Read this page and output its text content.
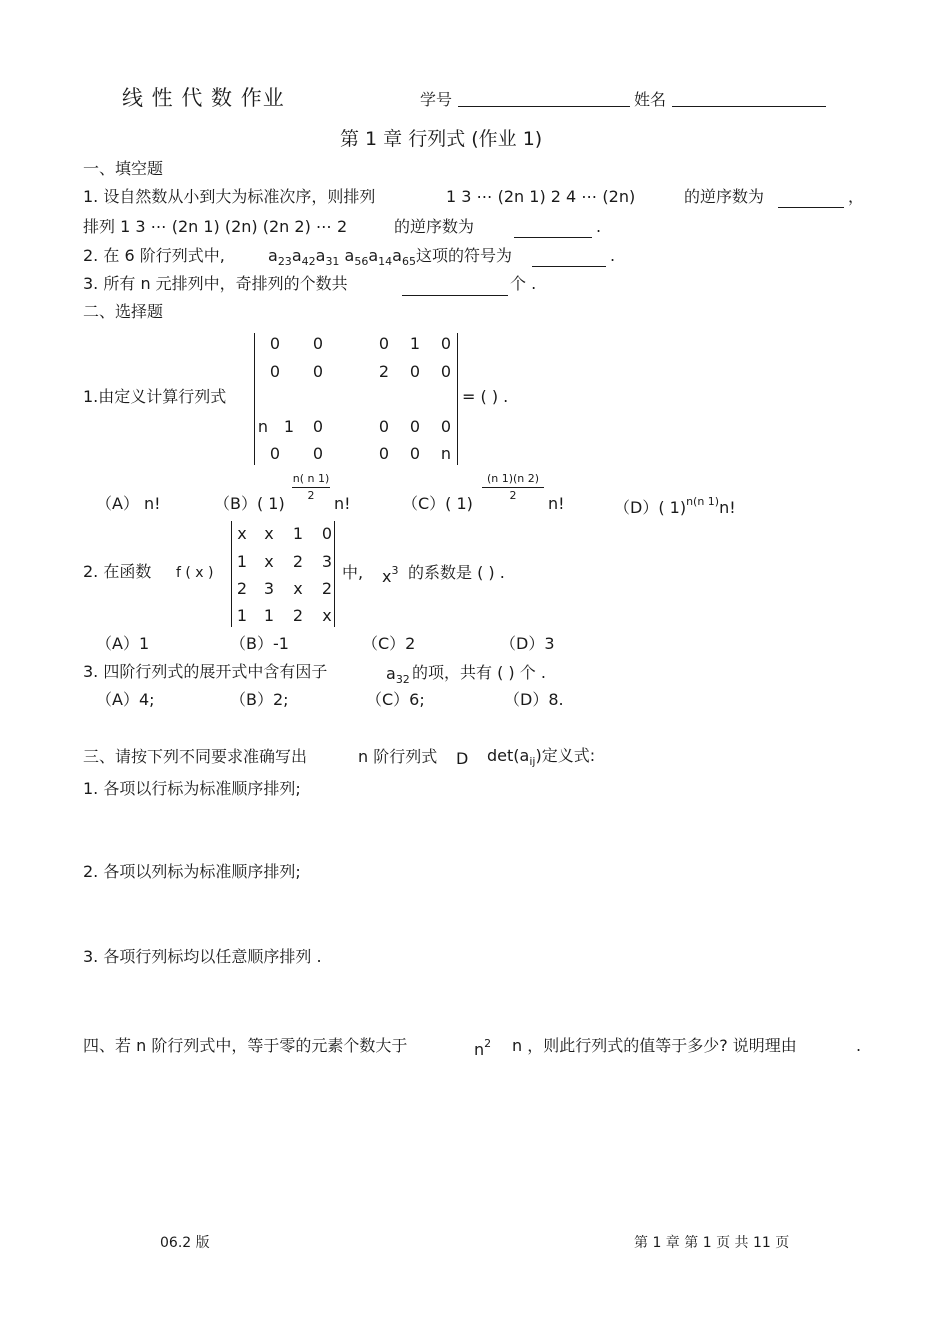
线 性 代 数 作业	学号	姓名
第 1 章 行列式 (作业 1)
一、填空题
1. 设自然数从小到大为标准次序，则排列	1 3 ⋯ (2n 1) 2 4 ⋯ (2n)	的逆序数为	，
排列 1 3 ⋯ (2n 1) (2n) (2n 2) ⋯ 2	的逆序数为	.
2. 在 6 阶行列式中,	$a_{23}a_{42}a_{31}$ $a_{56}a_{14}a_{65}$ 这项的符号为	.
3. 所有 n 元排列中，奇排列的个数共	个 .
二、选择题
1.由定义计算行列式
0	0	0	1	0
0	0	2	0	0
n 1	0	0	0	0
0	0	0	0	n
= ( ) .
（A） n!	（B）( 1)
n( n 1)
2	n!	（C）( 1)
(n 1)(n 2)
2	n!	（D）( 1)$^{n(n 1)}$n!
2. 在函数 f ( x )
x	x	1	0
1	x	2	3
2	3	x	2
1	1	2	x
中, $x^3$ 的系数是 ( ) .
（A）1	（B）-1	（C）2	（D）3
3. 四阶行列式的展开式中含有因子	$a_{32}$ 的项，共有 ( ) 个 .
（A）4;	（B）2;	（C）6;	（D）8.
三、请按下列不同要求准确写出	n 阶行列式 D $\det(a_{ij})$定义式:
1. 各项以行标为标准顺序排列;
2. 各项以列标为标准顺序排列;
3. 各项行列标均以任意顺序排列 .
四、若 n 阶行列式中，等于零的元素个数大于	$n^2$ n ，则此行列式的值等于多少? 说明理由	.
06.2 版	第 1 章 第 1 页 共 11 页
